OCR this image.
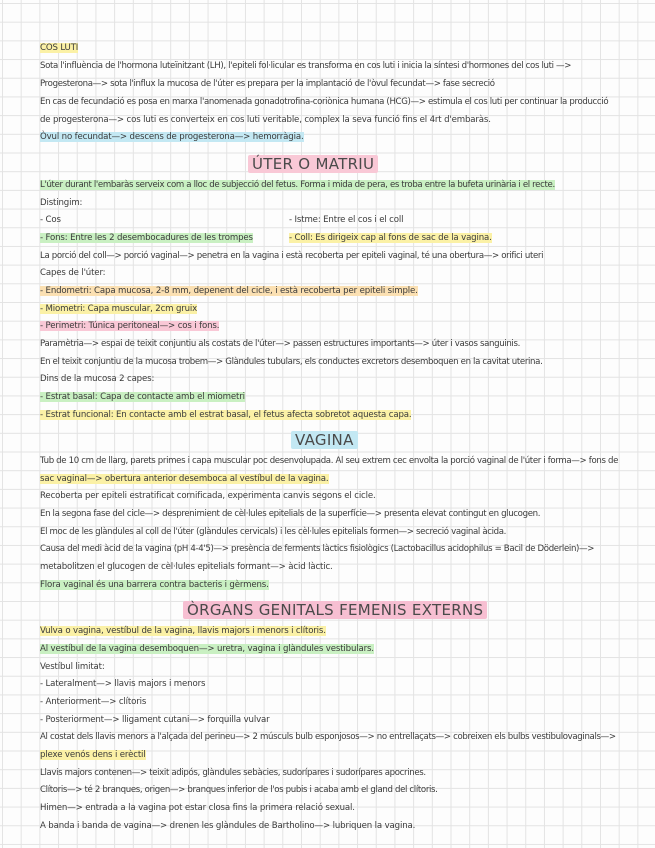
COS LUTI
Sota l'influència de l'hormona luteïnitzant (LH), l'epiteli fol·licular es transforma en cos luti i inicia la síntesi d'hormones del cos luti —>
Progesterona—> sota l'influx la mucosa de l'úter es prepara per la implantació de l'òvul fecundat—> fase secreció
En cas de fecundació es posa en marxa l'anomenada gonadotrofina-coriònica humana (HCG)—> estimula el cos luti per continuar la producció
de progesterona—> cos luti es converteix en cos luti veritable, complex la seva funció fins el 4rt d'embaràs.
Òvul no fecundat—> descens de progesterona—> hemorràgia.
ÚTER O MATRIU
L'úter durant l'embaràs serveix com a lloc de subjecció del fetus. Forma i mida de pera, es troba entre la bufeta urinària i el recte.
Distingim:
- Cos	- Istme: Entre el cos i el coll
- Fons: Entre les 2 desembocadures de les trompes	- Coll: Es dirigeix cap al fons de sac de la vagina.
La porció del coll—> porció vaginal—> penetra en la vagina i està recoberta per epiteli vaginal, té una obertura—> orifici uteri
Capes de l'úter:
- Endometri: Capa mucosa, 2-8 mm, depenent del cicle, i està recoberta per epiteli simple.
- Miometri: Capa muscular, 2cm gruix
- Perimetri: Túnica peritoneal—> cos i fons.
Paramètria—> espai de teixit conjuntiu als costats de l'úter—> passen estructures importants—> úter i vasos sanguinis.
En el teixit conjuntiu de la mucosa trobem—> Glàndules tubulars, els conductes excretors desemboquen en la cavitat uterina.
Dins de la mucosa 2 capes:
- Estrat basal: Capa de contacte amb el miometri
- Estrat funcional: En contacte amb el estrat basal, el fetus afecta sobretot aquesta capa.
VAGINA
Tub de 10 cm de llarg, parets primes i capa muscular poc desenvolupada. Al seu extrem cec envolta la porció vaginal de l'úter i forma—> fons de
sac vaginal—> obertura anterior desemboca al vestíbul de la vagina.
Recoberta per epiteli estratificat cornificada, experimenta canvis segons el cicle.
En la segona fase del cicle—> desprenimient de cèl·lules epitelials de la superfície—> presenta elevat contingut en glucogen.
El moc de les glàndules al coll de l'úter (glàndules cervicals) i les cèl·lules epitelials formen—> secreció vaginal àcida.
Causa del medi àcid de la vagina (pH 4-4'5)—> presència de ferments làctics fisiològics (Lactobacillus acidophilus = Bacil de Döderlein)—>
metabolitzen el glucogen de cèl·lules epitelials formant—> àcid làctic.
Flora vaginal és una barrera contra bacteris i gèrmens.
ÒRGANS GENITALS FEMENIS EXTERNS
Vulva o vagina, vestíbul de la vagina, llavis majors i menors i clítoris.
Al vestíbul de la vagina desemboquen—> uretra, vagina i glàndules vestibulars.
Vestíbul limitat:
- Lateralment—> llavis majors i menors
- Anteriorment—> clítoris
- Posteriorment—> lligament cutani—> forquilla vulvar
Al costat dels llavis menors a l'alçada del perineu—> 2 músculs bulb esponjosos—> no entrellaçats—> cobreixen els bulbs vestibulovaginals—>
plexe venós dens i erèctil
Llavis majors contenen—> teixit adipós, glàndules sebàcies, sudorípares i sudorípares apocrines.
Clítoris—> té 2 branques, origen—> branques inferior de l'os pubis i acaba amb el gland del clítoris.
Himen—> entrada a la vagina pot estar closa fins la primera relació sexual.
A banda i banda de vagina—> drenen les glàndules de Bartholino—> lubriquen la vagina.
